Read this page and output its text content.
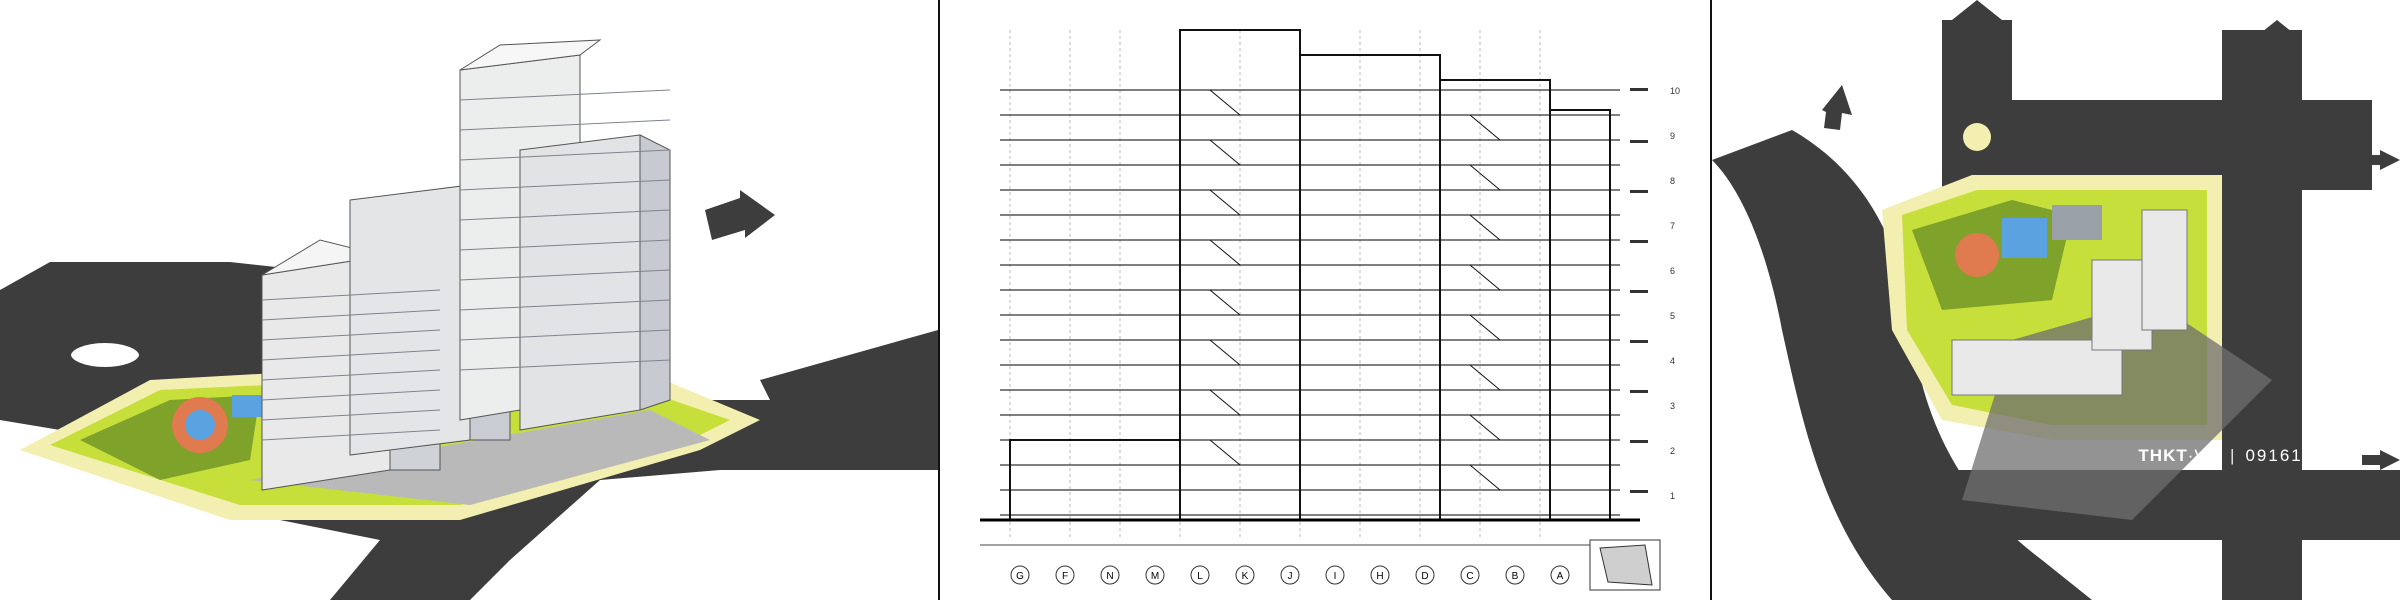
G	F	N	M	L	K	J	I	H	D	C	B	A
10
9
8
7
6
5
4
3
2
1
THKT·VN | 0916172173
